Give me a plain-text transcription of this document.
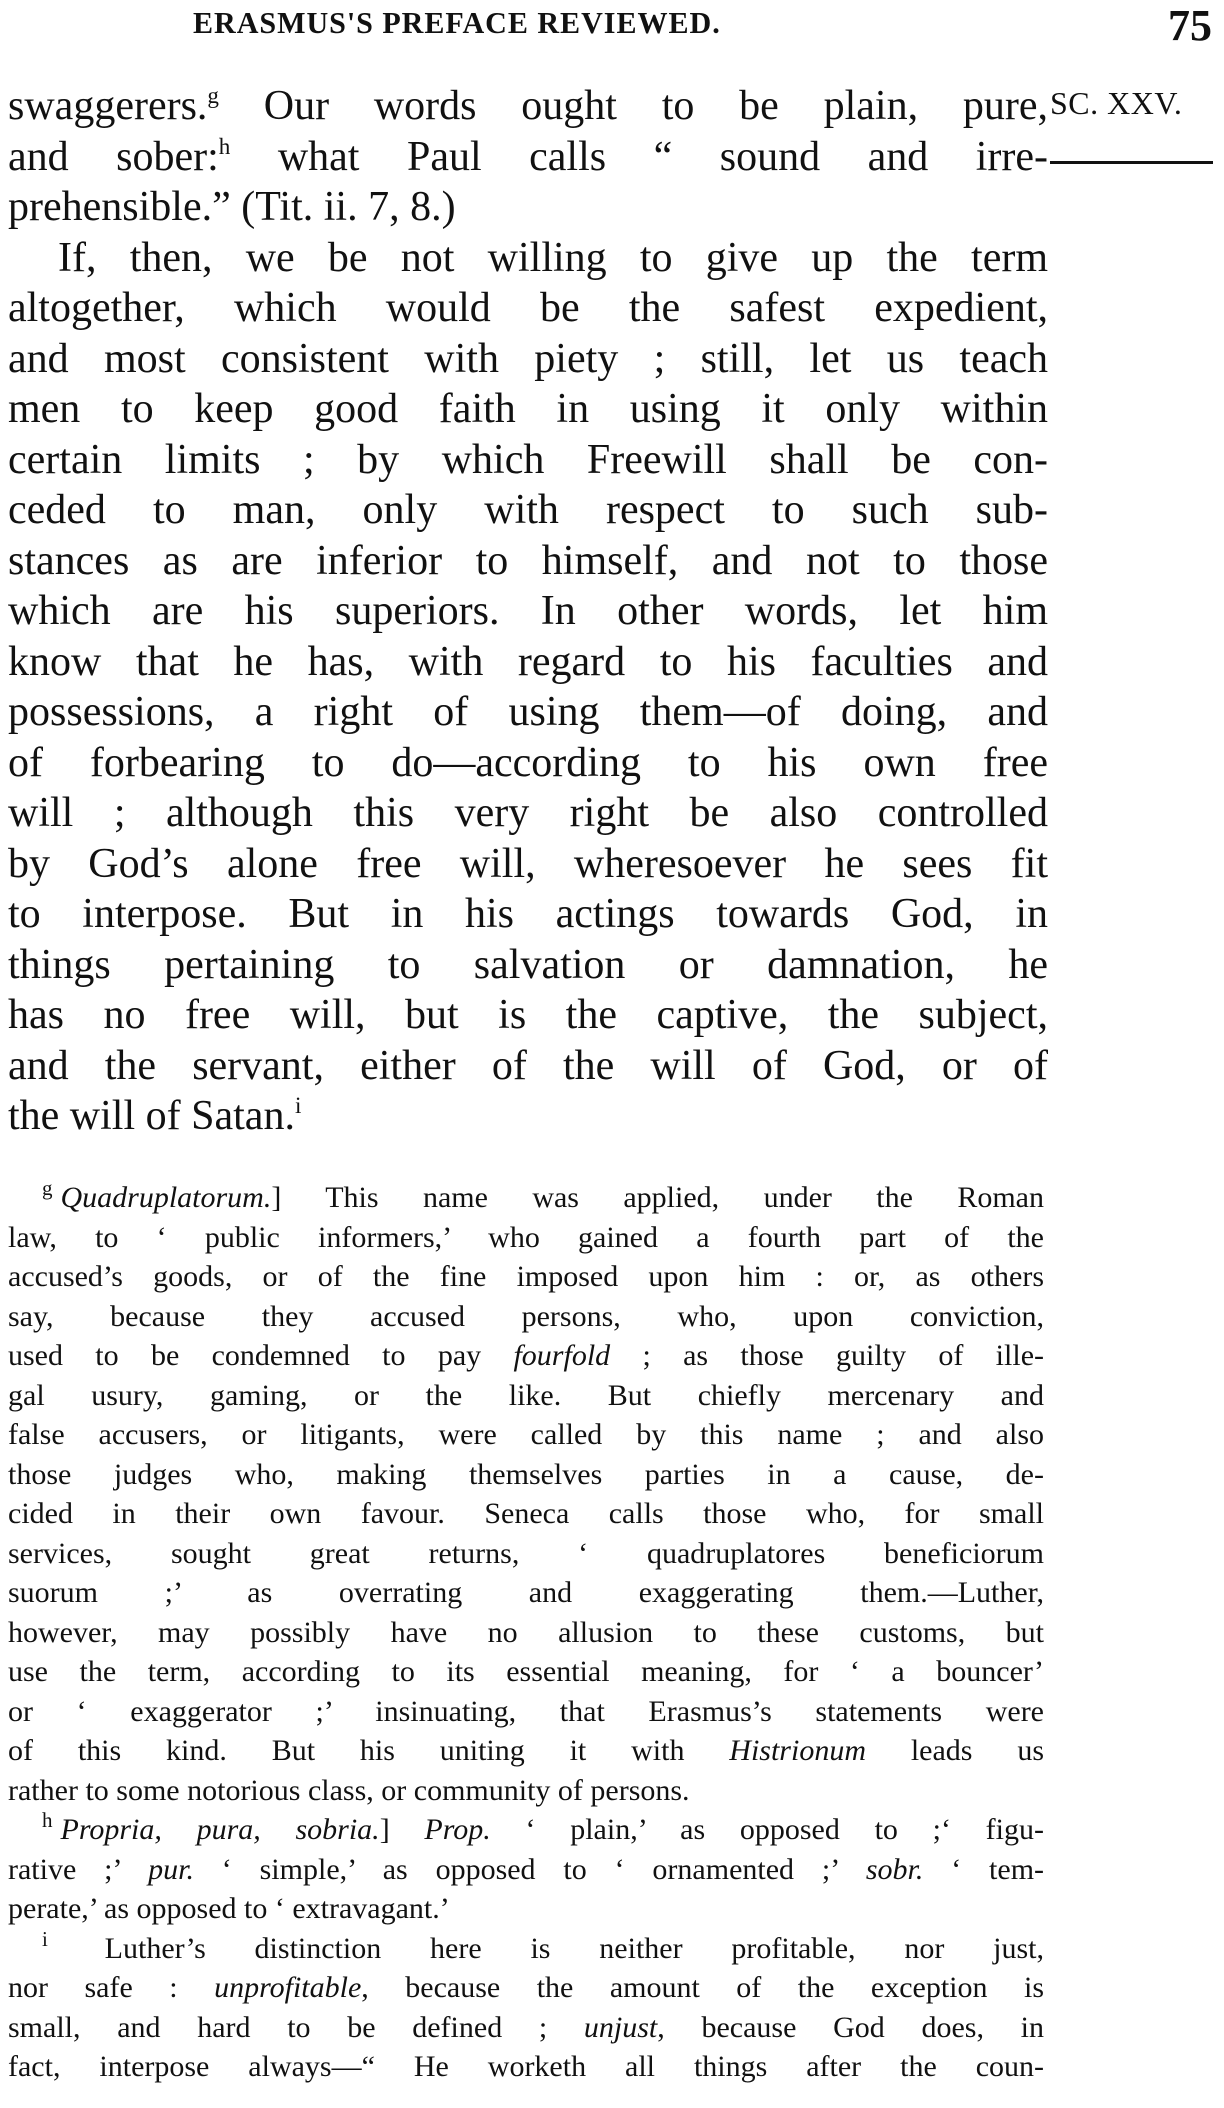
ERASMUS'S PREFACE REVIEWED.	75
SC. XXV.
swaggerers.$^g$ Our words ought to be plain, pure,
and sober:$^h$ what Paul calls “ sound and irre-
prehensible.” (Tit. ii. 7, 8.)
If, then, we be not willing to give up the term
altogether, which would be the safest expedient,
and most consistent with piety ; still, let us teach
men to keep good faith in using it only within
certain limits ; by which Freewill shall be con-
ceded to man, only with respect to such sub-
stances as are inferior to himself, and not to those
which are his superiors. In other words, let him
know that he has, with regard to his faculties and
possessions, a right of using them—of doing, and
of forbearing to do—according to his own free
will ; although this very right be also controlled
by God’s alone free will, wheresoever he sees fit
to interpose. But in his actings towards God, in
things pertaining to salvation or damnation, he
has no free will, but is the captive, the subject,
and the servant, either of the will of God, or of
the will of Satan.$^i$
$^g$ Quadruplatorum.] This name was applied, under the Roman
law, to ‘ public informers,’ who gained a fourth part of the
accused’s goods, or of the fine imposed upon him : or, as others
say, because they accused persons, who, upon conviction,
used to be condemned to pay fourfold ; as those guilty of ille-
gal usury, gaming, or the like. But chiefly mercenary and
false accusers, or litigants, were called by this name ; and also
those judges who, making themselves parties in a cause, de-
cided in their own favour. Seneca calls those who, for small
services, sought great returns, ‘ quadruplatores beneficiorum
suorum ;’ as overrating and exaggerating them.—Luther,
however, may possibly have no allusion to these customs, but
use the term, according to its essential meaning, for ‘ a bouncer’
or ‘ exaggerator ;’ insinuating, that Erasmus’s statements were
of this kind. But his uniting it with Histrionum leads us
rather to some notorious class, or community of persons.
$^h$ Propria, pura, sobria.] Prop. ‘ plain,’ as opposed to ;‘ figu-
rative ;’ pur. ‘ simple,’ as opposed to ‘ ornamented ;’ sobr. ‘ tem-
perate,’ as opposed to ‘ extravagant.’
$^i$ Luther’s distinction here is neither profitable, nor just,
nor safe : unprofitable, because the amount of the exception is
small, and hard to be defined ; unjust, because God does, in
fact, interpose always—“ He worketh all things after the coun-
